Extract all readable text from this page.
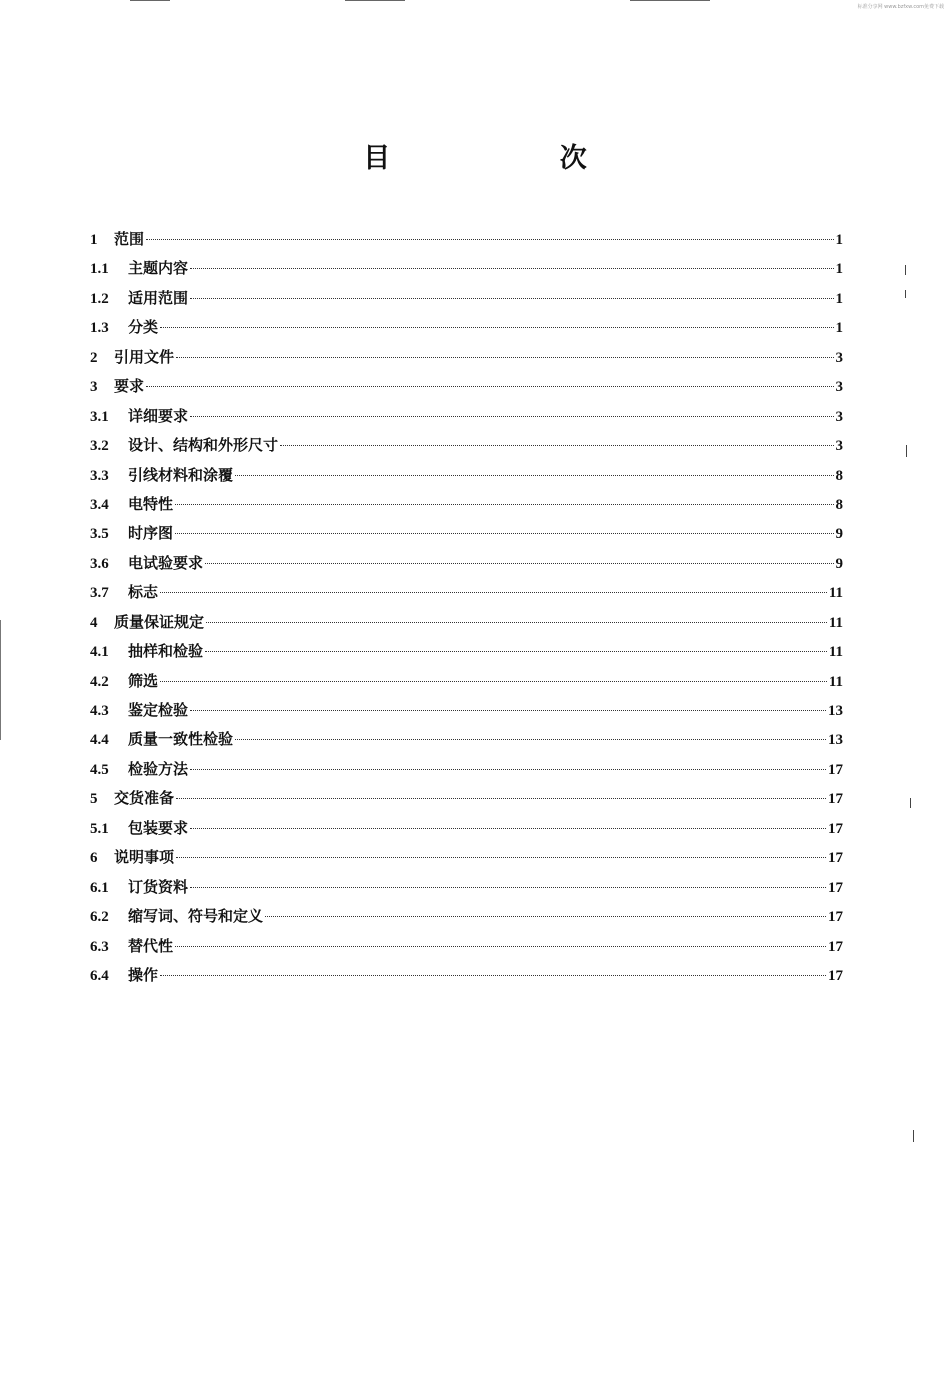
标准分享网 www.bzfxw.com免费下载
目 次
1	范围	1
1.1	主题内容	1
1.2	适用范围	1
1.3	分类	1
2	引用文件	3
3	要求	3
3.1	详细要求	3
3.2	设计、结构和外形尺寸	3
3.3	引线材料和涂覆	8
3.4	电特性	8
3.5	时序图	9
3.6	电试验要求	9
3.7	标志	11
4	质量保证规定	11
4.1	抽样和检验	11
4.2	筛选	11
4.3	鉴定检验	13
4.4	质量一致性检验	13
4.5	检验方法	17
5	交货准备	17
5.1	包装要求	17
6	说明事项	17
6.1	订货资料	17
6.2	缩写词、符号和定义	17
6.3	替代性	17
6.4	操作	17
